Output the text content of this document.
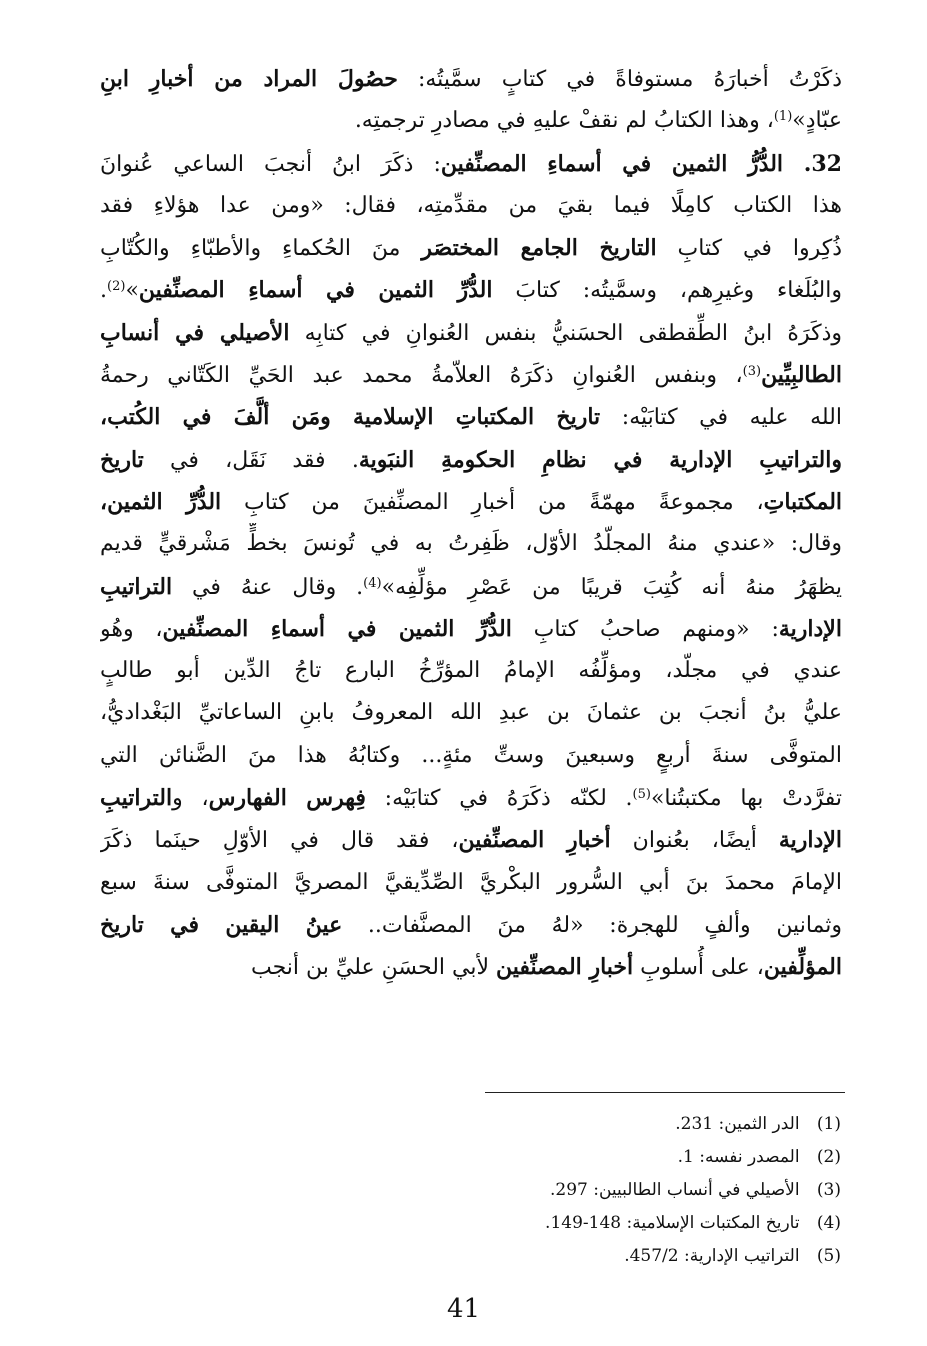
ذكَرْتُ أخبارَهُ مستوفاةً في كتابٍ سمَّيتُه: حصُولَ المراد من أخبارِ ابنِ
عبّادٍ»$^{(1)}$، وهذا الكتابُ لم نقفْ عليهِ في مصادرِ ترجمتِه.
32. الدُّرُّ الثمين في أسماءِ المصنِّفين: ذكَرَ ابنُ أنجبَ الساعي عُنوانَ
هذا الكتاب كامِلًا فيما بقيَ من مقدِّمتِه، فقال: «ومن عدا هؤلاءِ فقد
ذُكِروا في كتابِ التاريخ الجامع المختصَر منَ الحُكماءِ والأطبّاءِ والكُتّابِ
والبُلَغاء وغيرِهم، وسمَّيتُه: كتابَ الدُّرِّ الثمين في أسماءِ المصنِّفين»$^{(2)}$.
وذكَرَهُ ابنُ الطِّقطقى الحسَنيُّ بنفس العُنوانِ في كتابِه الأصيلي في أنسابِ
الطالبِيِّين$^{(3)}$، وبنفس العُنوانِ ذكَرَهُ العلاّمةُ محمد عبد الحَيِّ الكَتّاني رحمةُ
الله عليه في كتابَيْه: تاريخ المكتباتِ الإسلامية ومَن ألَّفَ في الكُتب،
والتراتيبِ الإدارية في نظامِ الحكومةِ النبَوية. فقد نَقَل، في تاريخ
المكتباتِ، مجموعةً مهمّةً من أخبارِ المصنِّفينَ من كتابِ الدُّرِّ الثمين،
وقال: «عندي منهُ المجلّدُ الأوّل، ظَفِرتُ به في تُونسَ بخطٍّ مَشْرقيٍّ قديم
يظهَرُ منهُ أنه كُتِبَ قريبًا من عَصْرِ مؤلِّفِه»$^{(4)}$. وقال عنهُ في التراتيبِ
الإدارية: «ومنهم صاحبُ كتابِ الدُّرِّ الثمين في أسماءِ المصنِّفين، وهُو
عندي في مجلّد، ومؤلِّفُه الإمامُ المؤرِّخُ البارع تاجُ الدِّين أبو طالبٍ
عليُّ بنُ أنجبَ بن عثمانَ بن عبدِ الله المعروفُ بابنِ الساعاتيِّ البَغْداديُّ،
المتوفَّى سنةَ أربعٍ وسبعينَ وستِّ مئةٍ... وكتابُهُ هذا منَ الضَّنائن التي
تفرَّدتْ بها مكتبتُنا»$^{(5)}$. لكنّه ذكَرَهُ في كتابَيْه: فِهرس الفهارس، والتراتيبِ
الإدارية أيضًا، بعُنوان أخبارِ المصنِّفين، فقد قال في الأوّلِ حينَما ذكَرَ
الإمامَ محمدَ بنَ أبي السُّرور البكْريَّ الصِّدِّيقيَّ المصريَّ المتوفَّى سنةَ سبع
وثمانين وألفٍ للهجرة: «لهُ منَ المصنَّفات.. عينُ اليقين في تاريخ
المؤلِّفين، على أُسلوبِ أخبارِ المصنِّفين لأبي الحسَنِ عليِّ بن أنجب
(1) الدر الثمين: 231.
(2) المصدر نفسه: 1.
(3) الأصيلي في أنساب الطالبيين: 297.
(4) تاريخ المكتبات الإسلامية: 148-149.
(5) التراتيب الإدارية: 457/2.
41
